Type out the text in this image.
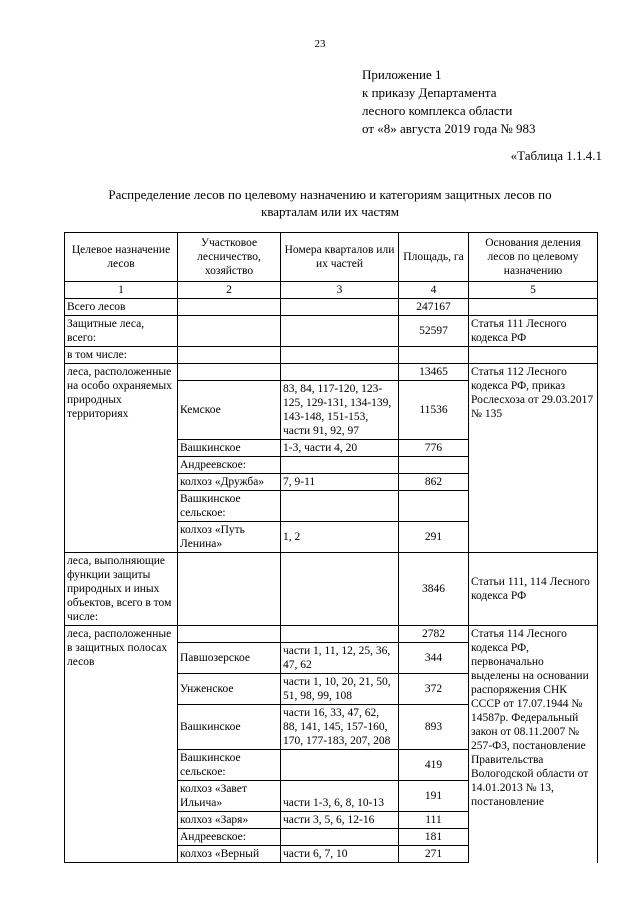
23
Приложение 1
к приказу Департамента
лесного комплекса области
от «8» августа 2019 года № 983
«Таблица 1.1.4.1
Распределение лесов по целевому назначению и категориям защитных лесов по
кварталам или их частям
Целевое назначение лесов	Участковое лесничество, хозяйство	Номера кварталов или их частей	Площадь, га	Основания деления лесов по целевому назначению
1	2	3	4	5
Всего лесов			247167	
Защитные леса, всего:			52597	Статья 111 Лесного кодекса РФ
в том числе:				
леса, расположенные на особо охраняемых природных территориях			13465	Статья 112 Лесного кодекса РФ, приказ Рослесхоза от 29.03.2017 № 135
	Кемское	83, 84, 117-120, 123-125, 129-131, 134-139, 143-148, 151-153, части 91, 92, 97	11536	
	Вашкинское	1-3, части 4, 20	776	
	Андреевское:			
	колхоз «Дружба»	7, 9-11	862	
	Вашкинское сельское:			
	колхоз «Путь Ленина»	1, 2	291	
леса, выполняющие функции защиты природных и иных объектов, всего в том числе:			3846	Статьи 111, 114 Лесного кодекса РФ
леса, расположенные в защитных полосах лесов			2782	Статья 114 Лесного кодекса РФ, первоначально выделены на основании распоряжения СНК СССР от 17.07.1944 № 14587р. Федеральный закон от 08.11.2007 № 257-ФЗ, постановление Правительства Вологодской области от 14.01.2013 № 13, постановление
	Павшозерское	части 1, 11, 12, 25, 36, 47, 62	344	
	Унженское	части 1, 10, 20, 21, 50, 51, 98, 99, 108	372	
	Вашкинское	части 16, 33, 47, 62, 88, 141, 145, 157-160, 170, 177-183, 207, 208	893	
	Вашкинское сельское:		419	
	колхоз «Завет Ильича»	части 1-3, 6, 8, 10-13	191	
	колхоз «Заря»	части 3, 5, 6, 12-16	111	
	Андреевское:		181	
	колхоз «Верный	части 6, 7, 10	271	
